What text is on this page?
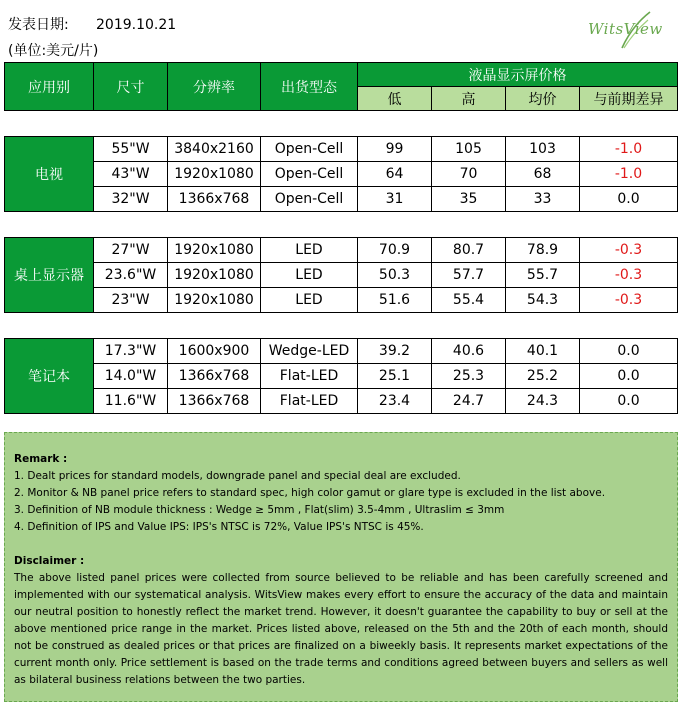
发表日期: 2019.10.21
(单位:美元/片)
WitsView
应用别	尺寸	分辨率	出货型态	液晶显示屏价格			
				低	高	均价	与前期差异

电视	55"W	3840x2160	Open-Cell	99	105	103	-1.0
	43"W	1920x1080	Open-Cell	64	70	68	-1.0
	32"W	1366x768	Open-Cell	31	35	33	0.0

桌上显示器	27"W	1920x1080	LED	70.9	80.7	78.9	-0.3
	23.6"W	1920x1080	LED	50.3	57.7	55.7	-0.3
	23"W	1920x1080	LED	51.6	55.4	54.3	-0.3

笔记本	17.3"W	1600x900	Wedge-LED	39.2	40.6	40.1	0.0
	14.0"W	1366x768	Flat-LED	25.1	25.3	25.2	0.0
	11.6"W	1366x768	Flat-LED	23.4	24.7	24.3	0.0
Remark :
1. Dealt prices for standard models, downgrade panel and special deal are excluded.
2. Monitor & NB panel price refers to standard spec, high color gamut or glare type is excluded in the list above.
3. Definition of NB module thickness : Wedge ≥ 5mm , Flat(slim) 3.5-4mm , Ultraslim ≤ 3mm
4. Definition of IPS and Value IPS: IPS's NTSC is 72%, Value IPS's NTSC is 45%.
Disclaimer :
The above listed panel prices were collected from source believed to be reliable and has been carefully screened and implemented with our systematical analysis. WitsView makes every effort to ensure the accuracy of the data and maintain our neutral position to honestly reflect the market trend. However, it doesn't guarantee the capability to buy or sell at the above mentioned price range in the market. Prices listed above, released on the 5th and the 20th of each month, should not be construed as dealed prices or that prices are finalized on a biweekly basis. It represents market expectations of the current month only. Price settlement is based on the trade terms and conditions agreed between buyers and sellers as well as bilateral business relations between the two parties.
